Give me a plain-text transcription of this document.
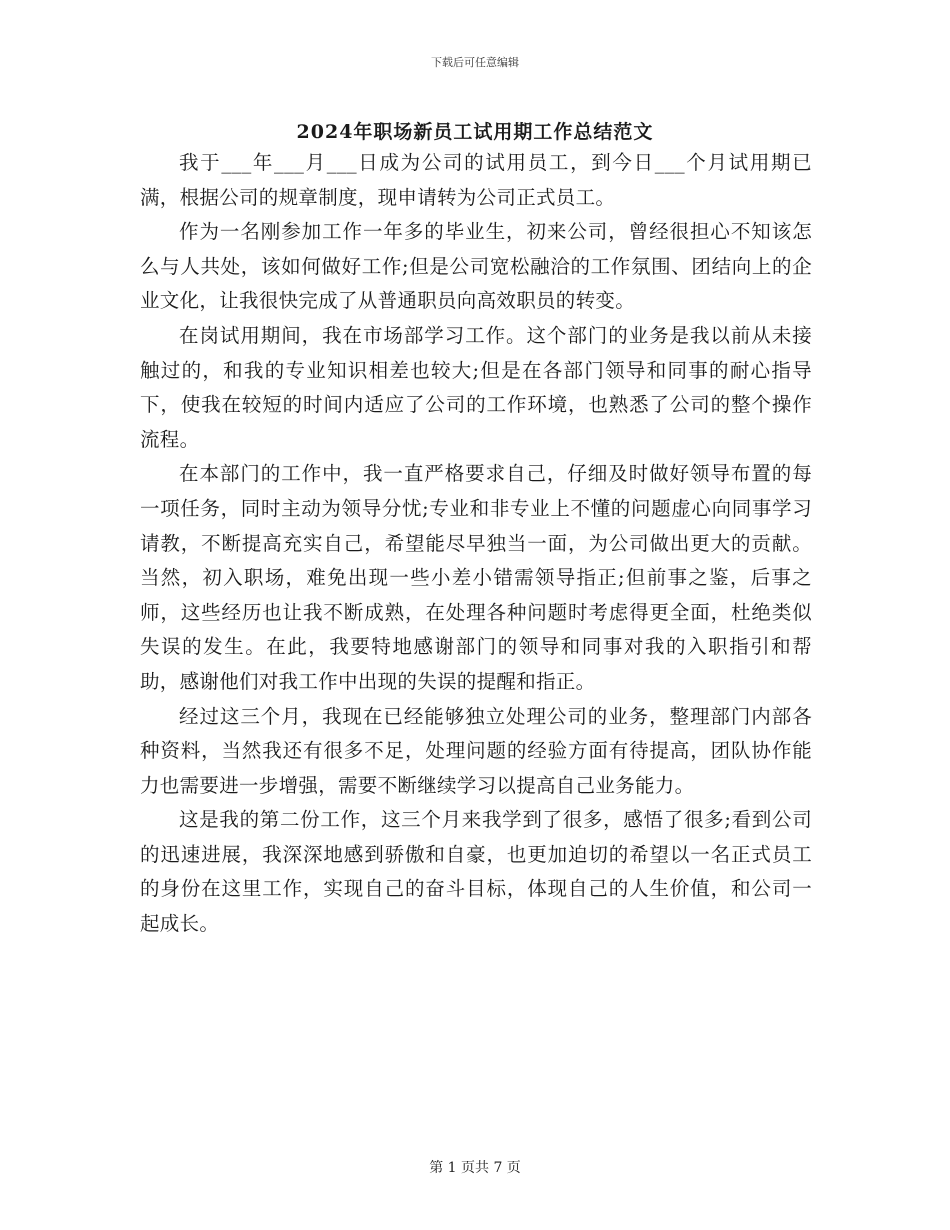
下载后可任意编辑
2024年职场新员工试用期工作总结范文

我于___年___月___日成为公司的试用员工，到今日___个月试用期已满，根据公司的规章制度，现申请转为公司正式员工。

作为一名刚参加工作一年多的毕业生，初来公司，曾经很担心不知该怎么与人共处，该如何做好工作;但是公司宽松融洽的工作氛围、团结向上的企业文化，让我很快完成了从普通职员向高效职员的转变。

在岗试用期间，我在市场部学习工作。这个部门的业务是我以前从未接触过的，和我的专业知识相差也较大;但是在各部门领导和同事的耐心指导下，使我在较短的时间内适应了公司的工作环境，也熟悉了公司的整个操作流程。

在本部门的工作中，我一直严格要求自己，仔细及时做好领导布置的每一项任务，同时主动为领导分忧;专业和非专业上不懂的问题虚心向同事学习请教，不断提高充实自己，希望能尽早独当一面，为公司做出更大的贡献。当然，初入职场，难免出现一些小差小错需领导指正;但前事之鉴，后事之师，这些经历也让我不断成熟，在处理各种问题时考虑得更全面，杜绝类似失误的发生。在此，我要特地感谢部门的领导和同事对我的入职指引和帮助，感谢他们对我工作中出现的失误的提醒和指正。

经过这三个月，我现在已经能够独立处理公司的业务，整理部门内部各种资料，当然我还有很多不足，处理问题的经验方面有待提高，团队协作能力也需要进一步增强，需要不断继续学习以提高自己业务能力。

这是我的第二份工作，这三个月来我学到了很多，感悟了很多;看到公司的迅速进展，我深深地感到骄傲和自豪，也更加迫切的希望以一名正式员工的身份在这里工作，实现自己的奋斗目标，体现自己的人生价值，和公司一起成长。

第 1 页共 7 页
